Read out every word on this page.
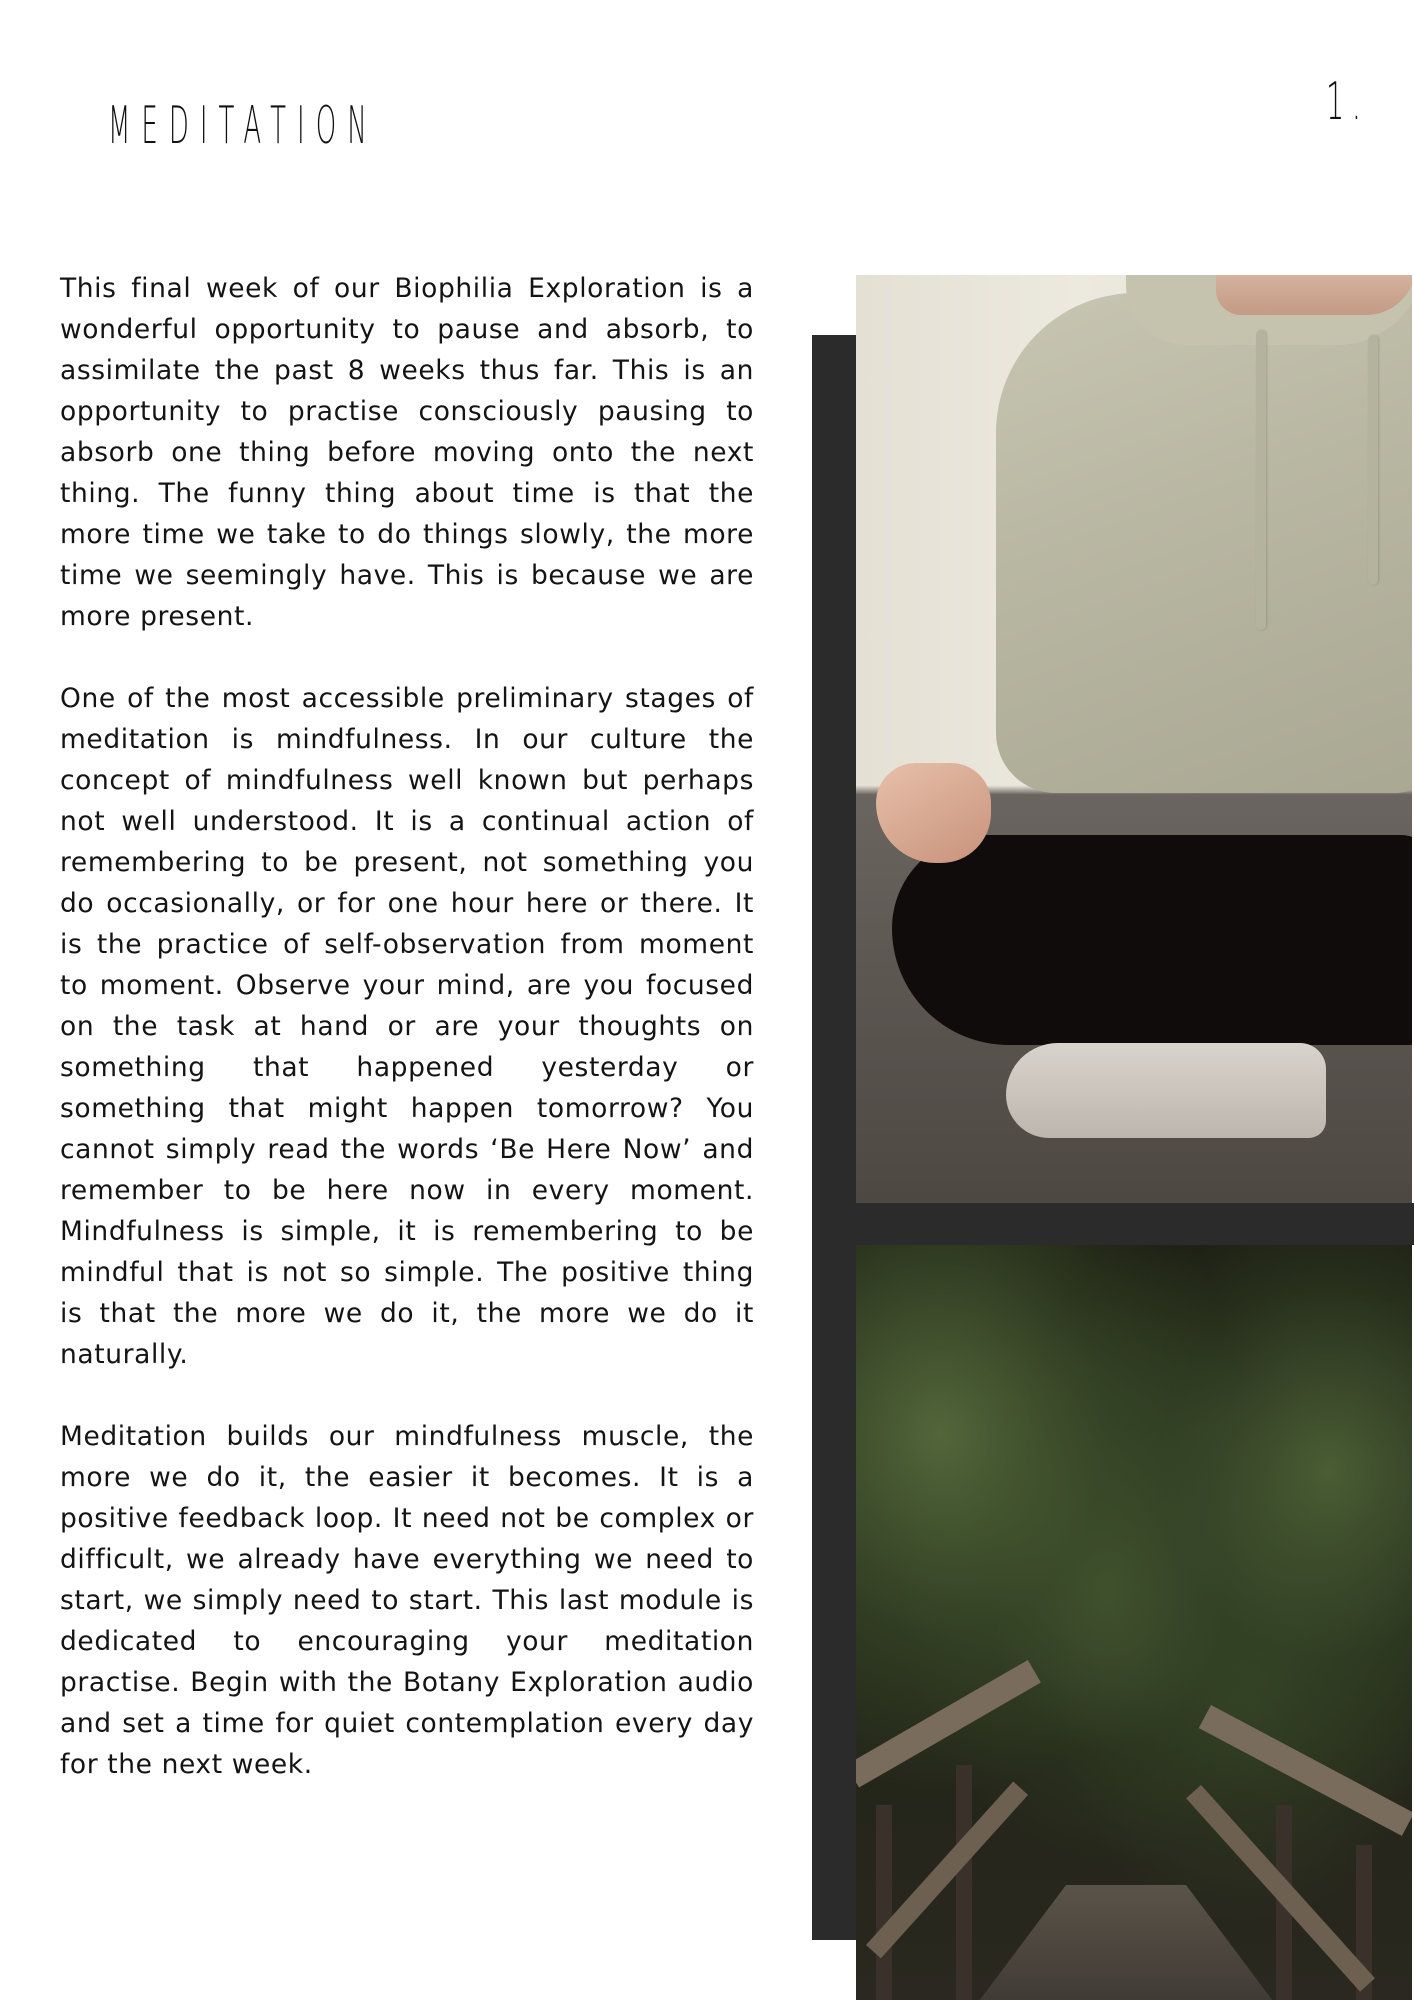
MEDITATION	1.

This final week of our Biophilia Exploration is a wonderful opportunity to pause and absorb, to assimilate the past 8 weeks thus far. This is an opportunity to practise consciously pausing to absorb one thing before moving onto the next thing. The funny thing about time is that the more time we take to do things slowly, the more time we seemingly have. This is because we are more present.

One of the most accessible preliminary stages of meditation is mindfulness. In our culture the concept of mindfulness well known but perhaps not well understood. It is a continual action of remembering to be present, not something you do occasionally, or for one hour here or there. It is the practice of self-observation from moment to moment. Observe your mind, are you focused on the task at hand or are your thoughts on something that happened yesterday or something that might happen tomorrow? You cannot simply read the words ‘Be Here Now’ and remember to be here now in every moment. Mindfulness is simple, it is remembering to be mindful that is not so simple. The positive thing is that the more we do it, the more we do it naturally.

Meditation builds our mindfulness muscle, the more we do it, the easier it becomes. It is a positive feedback loop. It need not be complex or difficult, we already have everything we need to start, we simply need to start. This last module is dedicated to encouraging your meditation practise. Begin with the Botany Exploration audio and set a time for quiet contemplation every day for the next week.
